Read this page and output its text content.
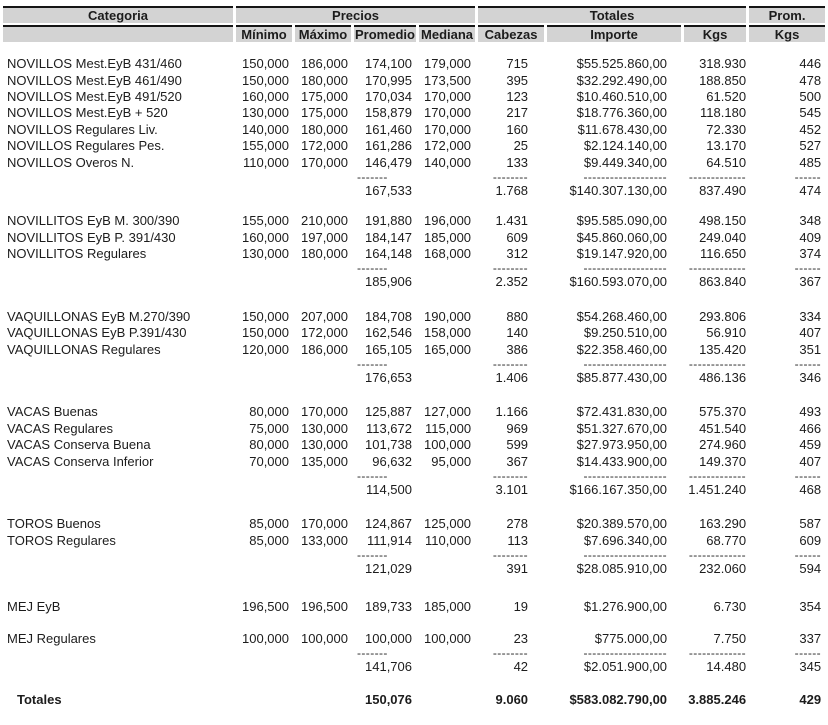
Categoria	Precios				Totales			Prom.
	Mínimo	Máximo	Promedio	Mediana	Cabezas	Importe	Kgs	Kgs

NOVILLOS Mest.EyB 431/460	150,000	186,000	174,100	179,000	715	$55.525.860,00	318.930	446
NOVILLOS Mest.EyB 461/490	150,000	180,000	170,995	173,500	395	$32.292.490,00	188.850	478
NOVILLOS Mest.EyB 491/520	160,000	175,000	170,034	170,000	123	$10.460.510,00	61.520	500
NOVILLOS Mest.EyB + 520	130,000	175,000	158,879	170,000	217	$18.776.360,00	118.180	545
NOVILLOS Regulares Liv.	140,000	180,000	161,460	170,000	160	$11.678.430,00	72.330	452
NOVILLOS Regulares Pes.	155,000	172,000	161,286	172,000	25	$2.124.140,00	13.170	527
NOVILLOS Overos N.	110,000	170,000	146,479	140,000	133	$9.449.340,00	64.510	485
			-------		--------	-------------------	-------------	------
			167,533		1.768	$140.307.130,00	837.490	474

NOVILLITOS EyB M. 300/390	155,000	210,000	191,880	196,000	1.431	$95.585.090,00	498.150	348
NOVILLITOS EyB P. 391/430	160,000	197,000	184,147	185,000	609	$45.860.060,00	249.040	409
NOVILLITOS Regulares	130,000	180,000	164,148	168,000	312	$19.147.920,00	116.650	374
			-------		--------	-------------------	-------------	------
			185,906		2.352	$160.593.070,00	863.840	367

VAQUILLONAS EyB M.270/390	150,000	207,000	184,708	190,000	880	$54.268.460,00	293.806	334
VAQUILLONAS EyB P.391/430	150,000	172,000	162,546	158,000	140	$9.250.510,00	56.910	407
VAQUILLONAS Regulares	120,000	186,000	165,105	165,000	386	$22.358.460,00	135.420	351
			-------		--------	-------------------	-------------	------
			176,653		1.406	$85.877.430,00	486.136	346

VACAS Buenas	80,000	170,000	125,887	127,000	1.166	$72.431.830,00	575.370	493
VACAS Regulares	75,000	130,000	113,672	115,000	969	$51.327.670,00	451.540	466
VACAS Conserva Buena	80,000	130,000	101,738	100,000	599	$27.973.950,00	274.960	459
VACAS Conserva Inferior	70,000	135,000	96,632	95,000	367	$14.433.900,00	149.370	407
			-------		--------	-------------------	-------------	------
			114,500		3.101	$166.167.350,00	1.451.240	468

TOROS Buenos	85,000	170,000	124,867	125,000	278	$20.389.570,00	163.290	587
TOROS Regulares	85,000	133,000	111,914	110,000	113	$7.696.340,00	68.770	609
			-------		--------	-------------------	-------------	------
			121,029		391	$28.085.910,00	232.060	594

MEJ EyB	196,500	196,500	189,733	185,000	19	$1.276.900,00	6.730	354

MEJ Regulares	100,000	100,000	100,000	100,000	23	$775.000,00	7.750	337
			-------		--------	-------------------	-------------	------
			141,706		42	$2.051.900,00	14.480	345

Totales			150,076		9.060	$583.082.790,00	3.885.246	429
